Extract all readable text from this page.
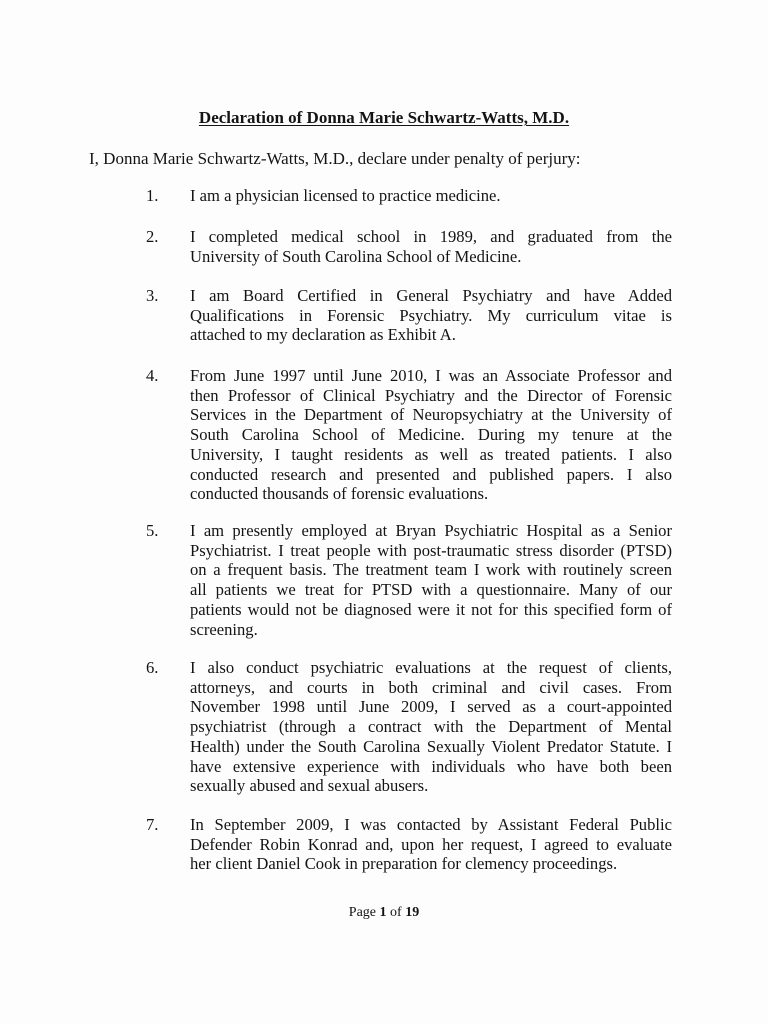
Declaration of Donna Marie Schwartz-Watts, M.D.

I, Donna Marie Schwartz-Watts, M.D., declare under penalty of perjury:

1. I am a physician licensed to practice medicine.
2. I completed medical school in 1989, and graduated from the
University of South Carolina School of Medicine.
3. I am Board Certified in General Psychiatry and have Added
Qualifications in Forensic Psychiatry. My curriculum vitae is
attached to my declaration as Exhibit A.
4. From June 1997 until June 2010, I was an Associate Professor and
then Professor of Clinical Psychiatry and the Director of Forensic
Services in the Department of Neuropsychiatry at the University of
South Carolina School of Medicine. During my tenure at the
University, I taught residents as well as treated patients. I also
conducted research and presented and published papers. I also
conducted thousands of forensic evaluations.
5. I am presently employed at Bryan Psychiatric Hospital as a Senior
Psychiatrist. I treat people with post-traumatic stress disorder (PTSD)
on a frequent basis. The treatment team I work with routinely screen
all patients we treat for PTSD with a questionnaire. Many of our
patients would not be diagnosed were it not for this specified form of
screening.
6. I also conduct psychiatric evaluations at the request of clients,
attorneys, and courts in both criminal and civil cases. From
November 1998 until June 2009, I served as a court-appointed
psychiatrist (through a contract with the Department of Mental
Health) under the South Carolina Sexually Violent Predator Statute. I
have extensive experience with individuals who have both been
sexually abused and sexual abusers.
7. In September 2009, I was contacted by Assistant Federal Public
Defender Robin Konrad and, upon her request, I agreed to evaluate
her client Daniel Cook in preparation for clemency proceedings.

Page 1 of 19
